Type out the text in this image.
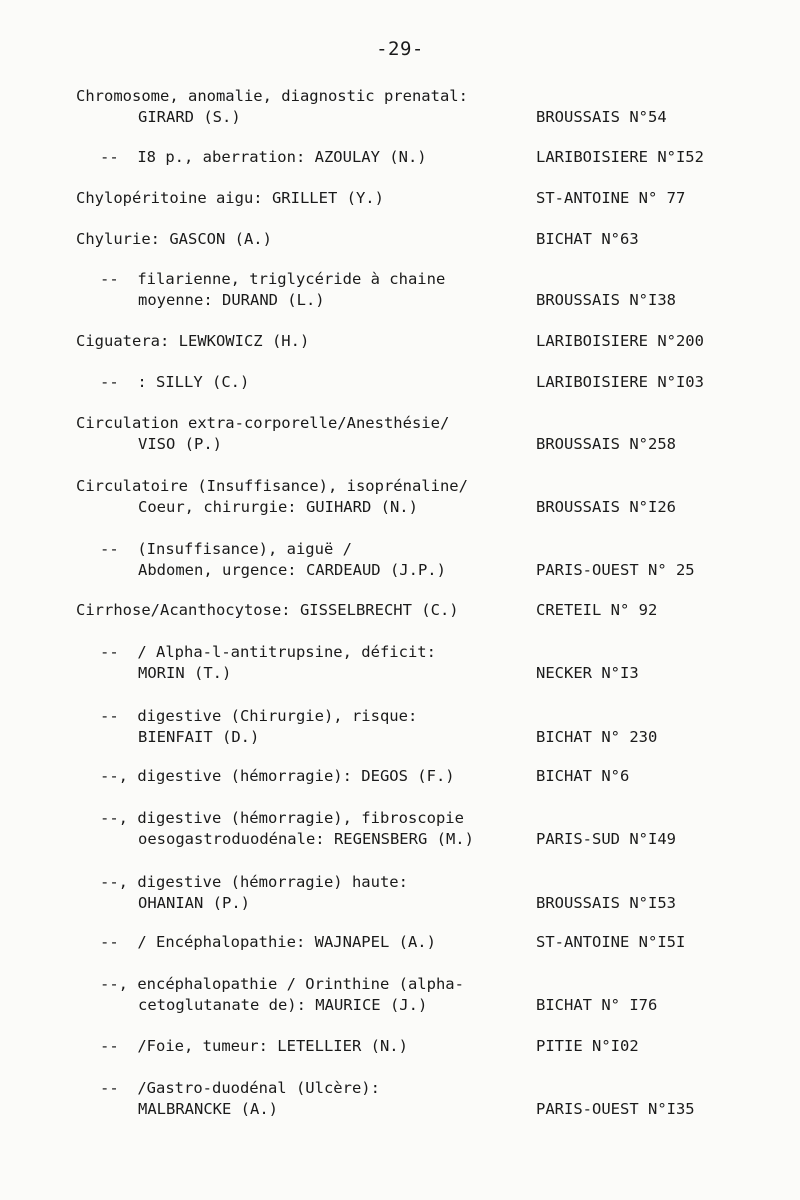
-29-
Chromosome, anomalie, diagnostic prenatal:
GIRARD (S.)	BROUSSAIS N°54
--  I8 p., aberration: AZOULAY (N.)	LARIBOISIERE N°I52
Chylopéritoine aigu: GRILLET (Y.)	ST-ANTOINE N° 77
Chylurie: GASCON (A.)	BICHAT N°63
--  filarienne, triglycéride à chaine
moyenne: DURAND (L.)	BROUSSAIS N°I38
Ciguatera: LEWKOWICZ (H.)	LARIBOISIERE N°200
--  : SILLY (C.)	LARIBOISIERE N°I03
Circulation extra-corporelle/Anesthésie/
VISO (P.)	BROUSSAIS N°258
Circulatoire (Insuffisance), isoprénaline/
Coeur, chirurgie: GUIHARD (N.)	BROUSSAIS N°I26
--  (Insuffisance), aiguë /
Abdomen, urgence: CARDEAUD (J.P.)	PARIS-OUEST N° 25
Cirrhose/Acanthocytose: GISSELBRECHT (C.)	CRETEIL N° 92
--  / Alpha-l-antitrupsine, déficit:
MORIN (T.)	NECKER N°I3
--  digestive (Chirurgie), risque:
BIENFAIT (D.)	BICHAT N° 230
--, digestive (hémorragie): DEGOS (F.)	BICHAT N°6
--, digestive (hémorragie), fibroscopie
oesogastroduodénale: REGENSBERG (M.)	PARIS-SUD N°I49
--, digestive (hémorragie) haute:
OHANIAN (P.)	BROUSSAIS N°I53
--  / Encéphalopathie: WAJNAPEL (A.)	ST-ANTOINE N°I5I
--, encéphalopathie / Orinthine (alpha-
cetoglutanate de): MAURICE (J.)	BICHAT N° I76
--  /Foie, tumeur: LETELLIER (N.)	PITIE N°I02
--  /Gastro-duodénal (Ulcère):
MALBRANCKE (A.)	PARIS-OUEST N°I35
